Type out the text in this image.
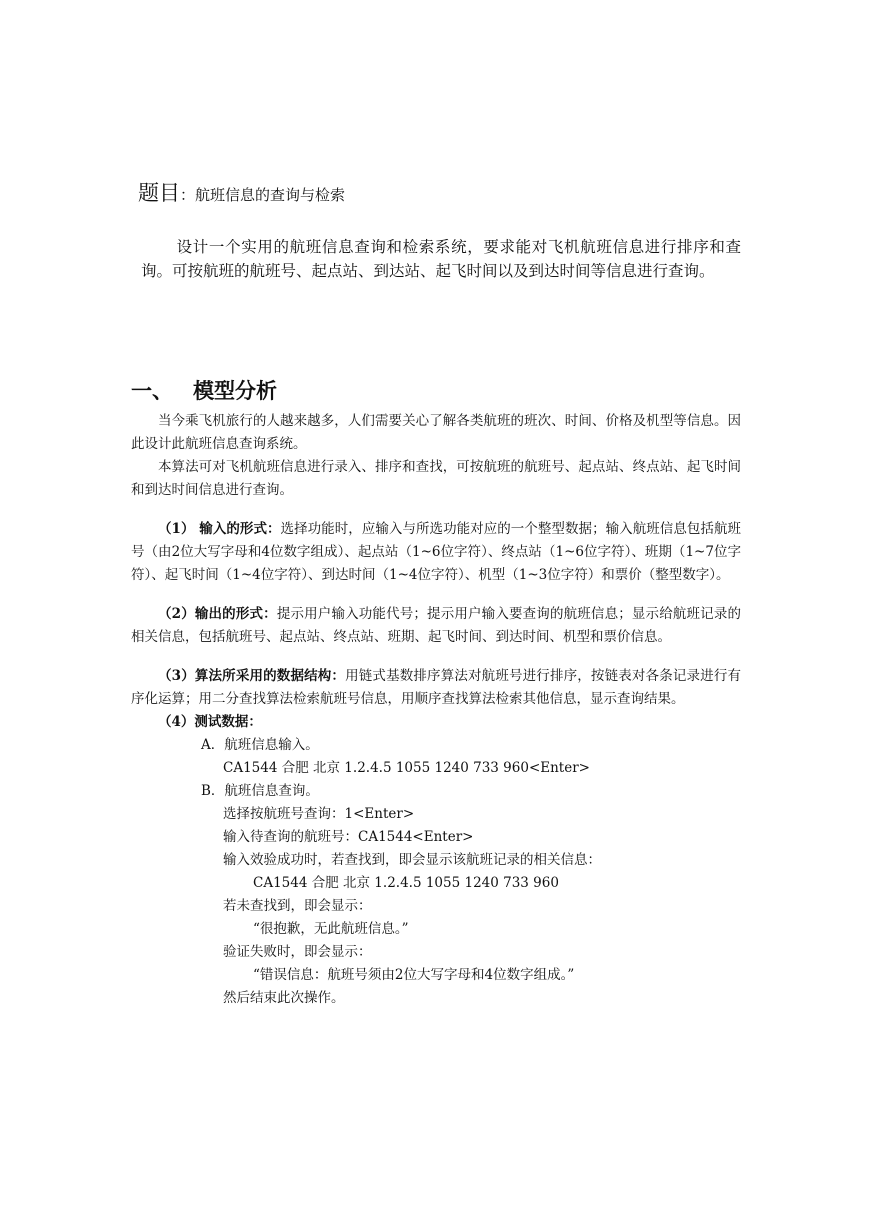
题目：航班信息的查询与检索

设计一个实用的航班信息查询和检索系统，要求能对飞机航班信息进行排序和查询。可按航班的航班号、起点站、到达站、起飞时间以及到达时间等信息进行查询。

一、 模型分析

当今乘飞机旅行的人越来越多，人们需要关心了解各类航班的班次、时间、价格及机型等信息。因此设计此航班信息查询系统。

本算法可对飞机航班信息进行录入、排序和查找，可按航班的航班号、起点站、终点站、起飞时间和到达时间信息进行查询。

（1） 输入的形式：选择功能时，应输入与所选功能对应的一个整型数据；输入航班信息包括航班号（由2位大写字母和4位数字组成）、起点站（1~6位字符）、终点站（1~6位字符）、班期（1~7位字符）、起飞时间（1~4位字符）、到达时间（1~4位字符）、机型（1~3位字符）和票价（整型数字）。

（2）输出的形式：提示用户输入功能代号；提示用户输入要查询的航班信息；显示给航班记录的相关信息，包括航班号、起点站、终点站、班期、起飞时间、到达时间、机型和票价信息。

（3）算法所采用的数据结构：用链式基数排序算法对航班号进行排序，按链表对各条记录进行有序化运算；用二分查找算法检索航班号信息，用顺序查找算法检索其他信息，显示查询结果。

（4）测试数据：

A．航班信息输入。
CA1544 合肥 北京 1.2.4.5 1055 1240 733 960<Enter>
B．航班信息查询。
选择按航班号查询：1<Enter>
输入待查询的航班号：CA1544<Enter>
输入效验成功时，若查找到，即会显示该航班记录的相关信息：
CA1544 合肥 北京 1.2.4.5 1055 1240 733 960
若未查找到，即会显示：
“很抱歉，无此航班信息。”
验证失败时，即会显示：
“错误信息：航班号须由2位大写字母和4位数字组成。”
然后结束此次操作。
